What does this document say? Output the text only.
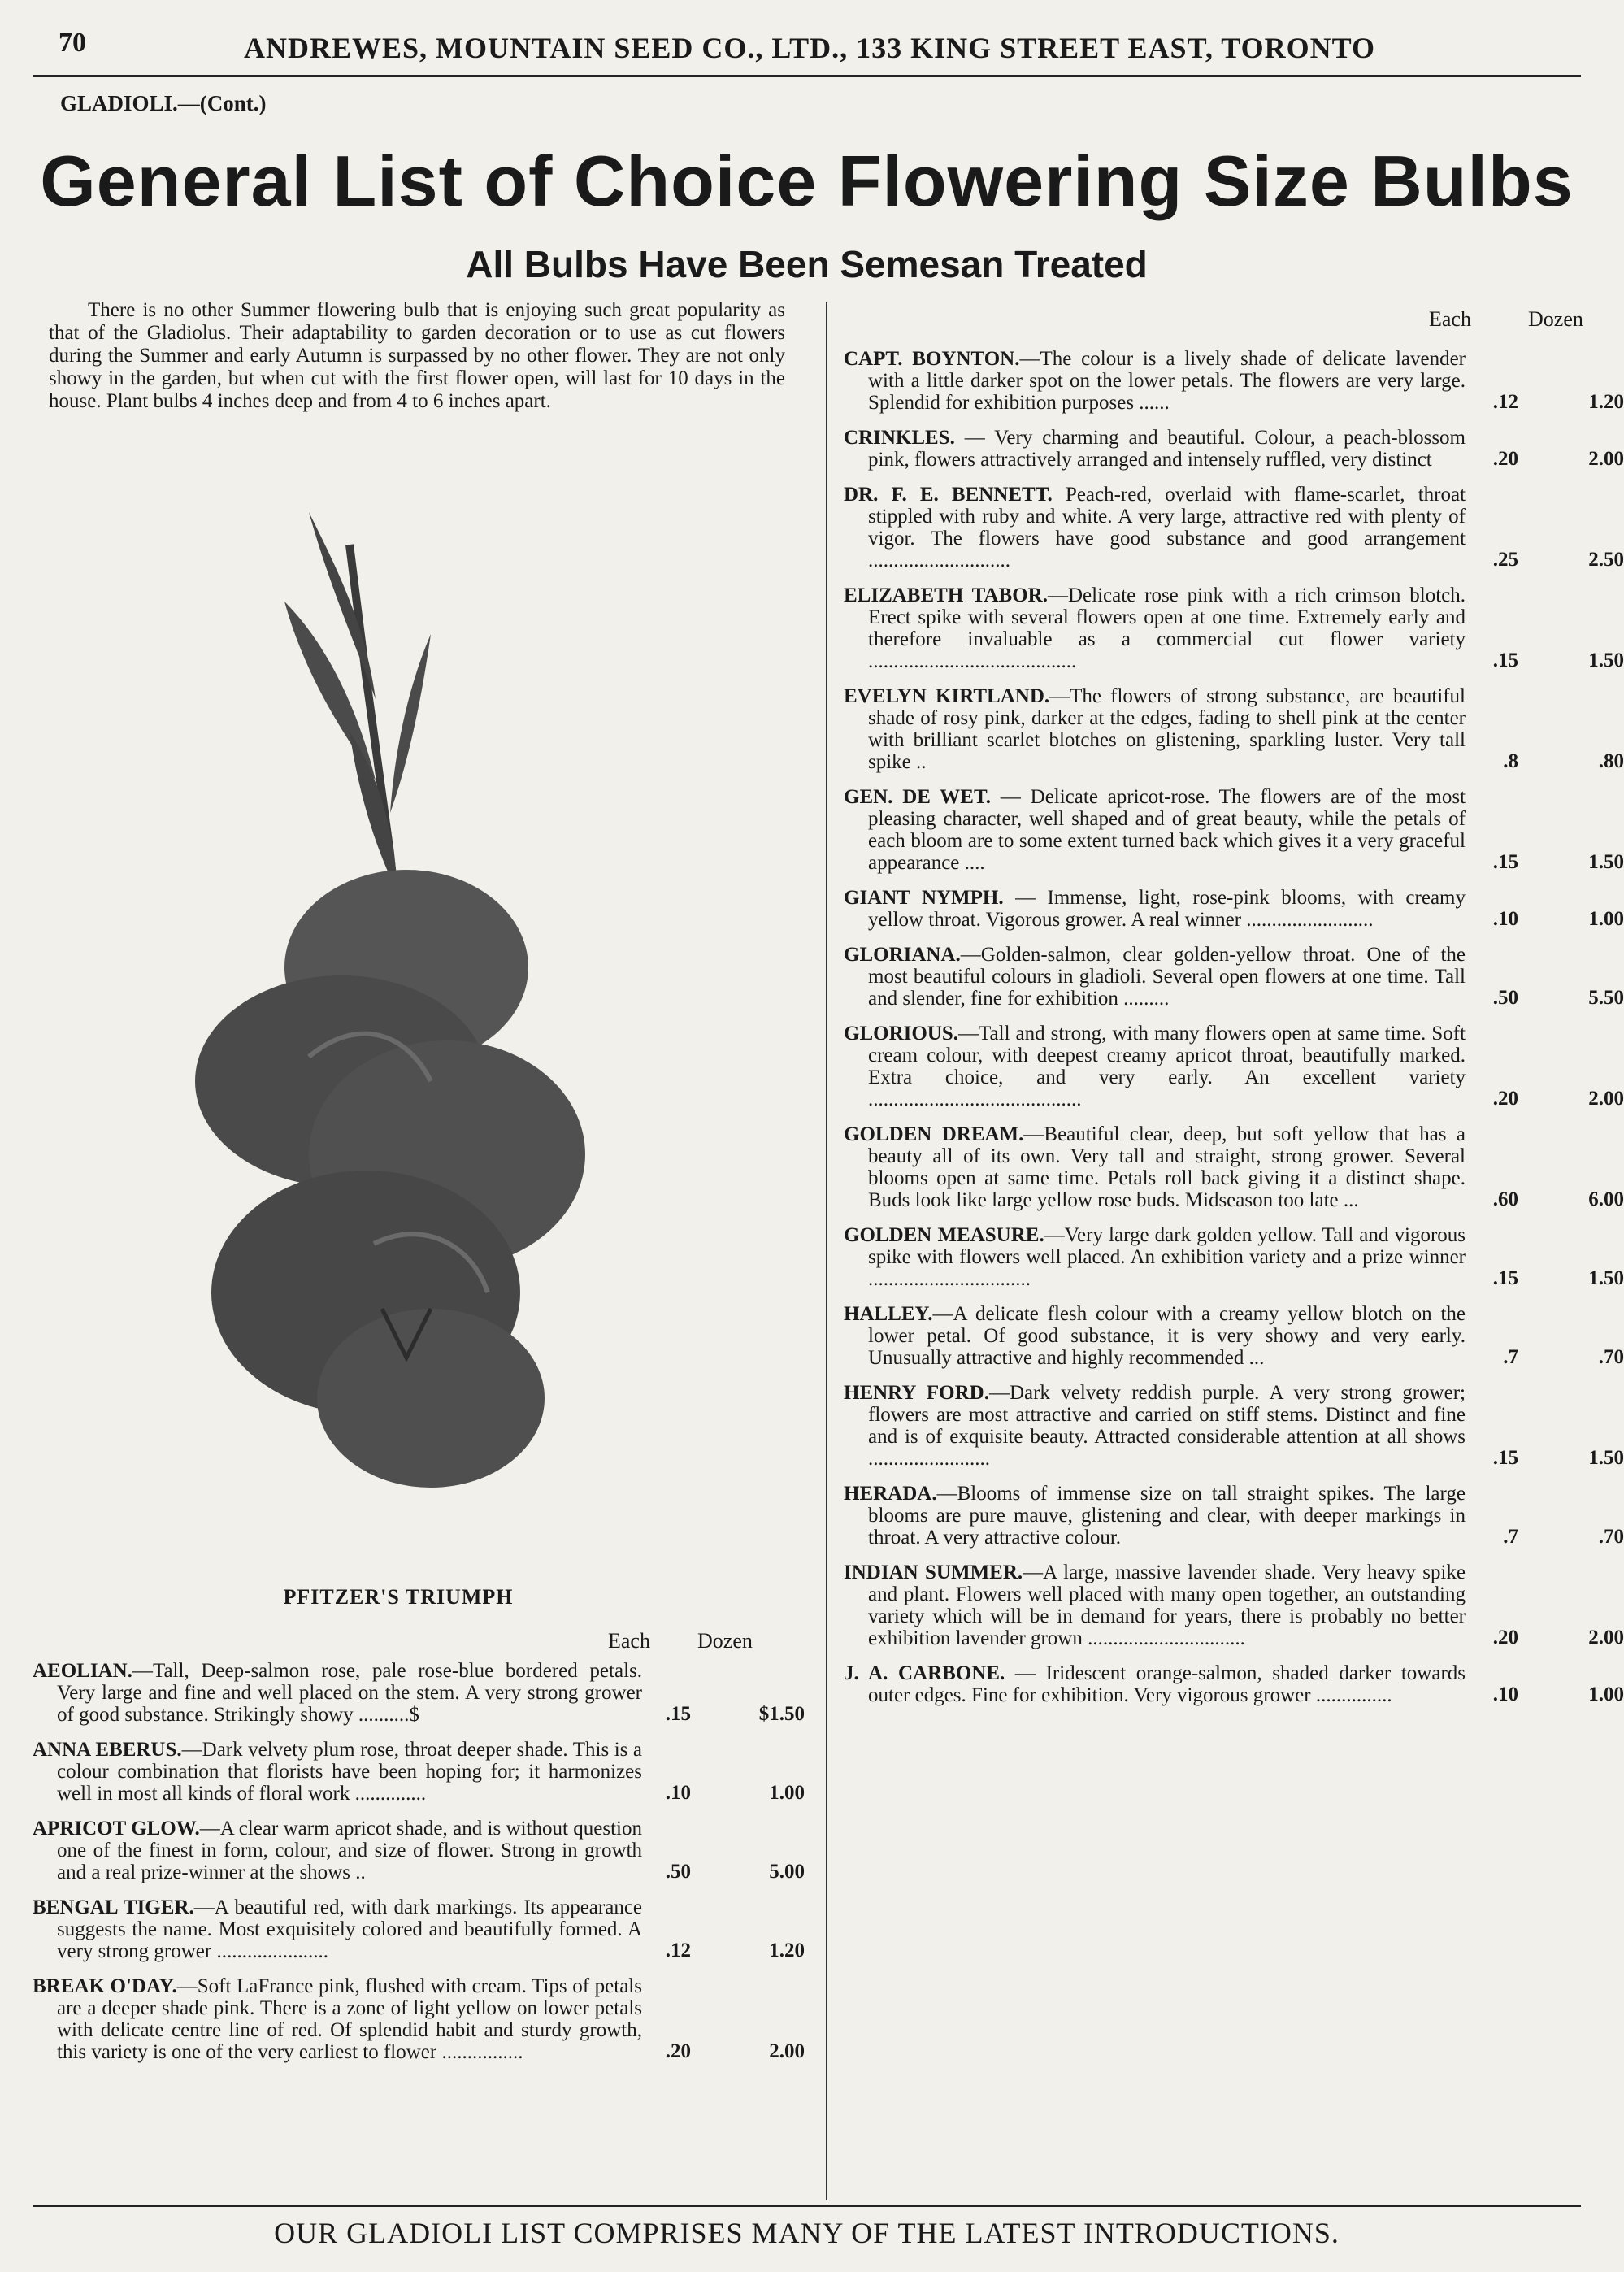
70	ANDREWES, MOUNTAIN SEED CO., LTD., 133 KING STREET EAST, TORONTO
GLADIOLI.—(Cont.)
General List of Choice Flowering Size Bulbs
All Bulbs Have Been Semesan Treated
There is no other Summer flowering bulb that is enjoying such great popularity as that of the Gladiolus. Their adaptability to garden decoration or to use as cut flowers during the Summer and early Autumn is surpassed by no other flower. They are not only showy in the garden, but when cut with the first flower open, will last for 10 days in the house. Plant bulbs 4 inches deep and from 4 to 6 inches apart.
PFITZER'S TRIUMPH
Each Dozen
Each	Dozen
AEOLIAN.—Tall, Deep-salmon rose, pale rose-blue bordered petals. Very large and fine and well placed on the stem. A very strong grower of good substance. Strikingly showy ..........$	.15	$1.50
ANNA EBERUS.—Dark velvety plum rose, throat deeper shade. This is a colour combination that florists have been hoping for; it harmonizes well in most all kinds of floral work ..............	.10	1.00
APRICOT GLOW.—A clear warm apricot shade, and is without question one of the finest in form, colour, and size of flower. Strong in growth and a real prize-winner at the shows ..	.50	5.00
BENGAL TIGER.—A beautiful red, with dark markings. Its appearance suggests the name. Most exquisitely colored and beautifully formed. A very strong grower ......................	.12	1.20
BREAK O'DAY.—Soft LaFrance pink, flushed with cream. Tips of petals are a deeper shade pink. There is a zone of light yellow on lower petals with delicate centre line of red. Of splendid habit and sturdy growth, this variety is one of the very earliest to flower ................	.20	2.00
CAPT. BOYNTON.—The colour is a lively shade of delicate lavender with a little darker spot on the lower petals. The flowers are very large. Splendid for exhibition purposes ......	.12	1.20
CRINKLES. — Very charming and beautiful. Colour, a peach-blossom pink, flowers attractively arranged and intensely ruffled, very distinct	.20	2.00
DR. F. E. BENNETT. Peach-red, overlaid with flame-scarlet, throat stippled with ruby and white. A very large, attractive red with plenty of vigor. The flowers have good substance and good arrangement ............................	.25	2.50
ELIZABETH TABOR.—Delicate rose pink with a rich crimson blotch. Erect spike with several flowers open at one time. Extremely early and therefore invaluable as a commercial cut flower variety .........................................	.15	1.50
EVELYN KIRTLAND.—The flowers of strong substance, are beautiful shade of rosy pink, darker at the edges, fading to shell pink at the center with brilliant scarlet blotches on glistening, sparkling luster. Very tall spike ..	.8	.80
GEN. DE WET. — Delicate apricot-rose. The flowers are of the most pleasing character, well shaped and of great beauty, while the petals of each bloom are to some extent turned back which gives it a very graceful appearance ....	.15	1.50
GIANT NYMPH. — Immense, light, rose-pink blooms, with creamy yellow throat. Vigorous grower. A real winner .........................	.10	1.00
GLORIANA.—Golden-salmon, clear golden-yellow throat. One of the most beautiful colours in gladioli. Several open flowers at one time. Tall and slender, fine for exhibition .........	.50	5.50
GLORIOUS.—Tall and strong, with many flowers open at same time. Soft cream colour, with deepest creamy apricot throat, beautifully marked. Extra choice, and very early. An excellent variety ..........................................	.20	2.00
GOLDEN DREAM.—Beautiful clear, deep, but soft yellow that has a beauty all of its own. Very tall and straight, strong grower. Several blooms open at same time. Petals roll back giving it a distinct shape. Buds look like large yellow rose buds. Midseason too late ...	.60	6.00
GOLDEN MEASURE.—Very large dark golden yellow. Tall and vigorous spike with flowers well placed. An exhibition variety and a prize winner ................................	.15	1.50
HALLEY.—A delicate flesh colour with a creamy yellow blotch on the lower petal. Of good substance, it is very showy and very early. Unusually attractive and highly recommended ...	.7	.70
HENRY FORD.—Dark velvety reddish purple. A very strong grower; flowers are most attractive and carried on stiff stems. Distinct and fine and is of exquisite beauty. Attracted considerable attention at all shows ........................	.15	1.50
HERADA.—Blooms of immense size on tall straight spikes. The large blooms are pure mauve, glistening and clear, with deeper markings in throat. A very attractive colour.	.7	.70
INDIAN SUMMER.—A large, massive lavender shade. Very heavy spike and plant. Flowers well placed with many open together, an outstanding variety which will be in demand for years, there is probably no better exhibition lavender grown ...............................	.20	2.00
J. A. CARBONE. — Iridescent orange-salmon, shaded darker towards outer edges. Fine for exhibition. Very vigorous grower ...............	.10	1.00
OUR GLADIOLI LIST COMPRISES MANY OF THE LATEST INTRODUCTIONS.
